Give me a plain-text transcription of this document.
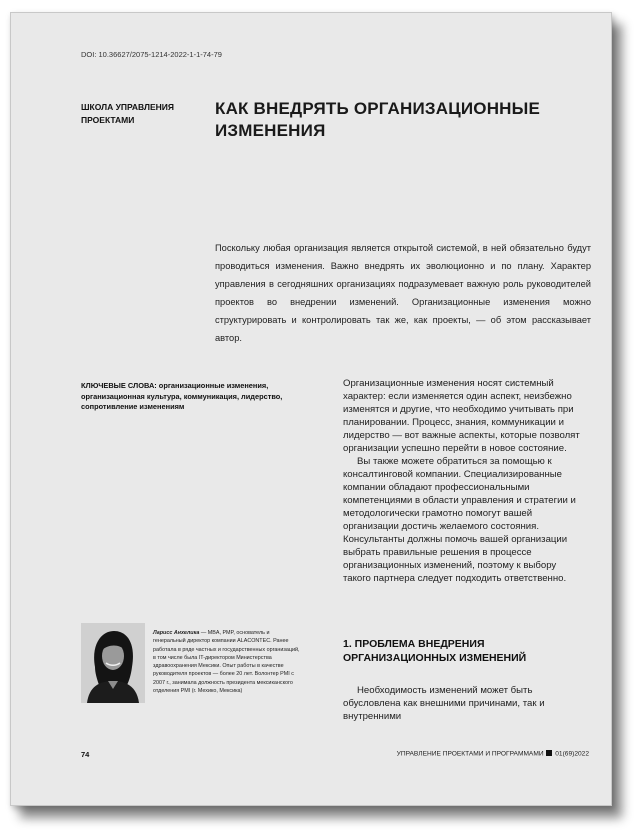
DOI: 10.36627/2075-1214-2022-1-1-74-79
ШКОЛА УПРАВЛЕНИЯ ПРОЕКТАМИ
КАК ВНЕДРЯТЬ ОРГАНИЗАЦИОННЫЕ ИЗМЕНЕНИЯ
Поскольку любая организация является открытой системой, в ней обязательно будут проводиться изменения. Важно внедрять их эволюционно и по плану. Характер управления в сегодняшних организациях подразумевает важную роль руководителей проектов во внедрении изменений. Организационные изменения можно структурировать и контролировать так же, как проекты, — об этом рассказывает автор.
КЛЮЧЕВЫЕ СЛОВА: организационные изменения, организационная культура, коммуникация, лидерство, сопротивление изменениям

Организационные изменения носят системный характер: если изменяется один аспект, неизбежно изменятся и другие, что необходимо учитывать при планировании. Процесс, знания, коммуникации и лидерство — вот важные аспекты, которые позволят организации успешно перейти в новое состояние.

Вы также можете обратиться за помощью к консалтинговой компании. Специализированные компании обладают профессиональными компетенциями в области управления и стратегии и методологически грамотно помогут вашей организации достичь желаемого состояния. Консультанты должны помочь вашей организации выбрать правильные решения в процессе организационных изменений, поэтому к выбору такого партнера следует подходить ответственно.

1. ПРОБЛЕМА ВНЕДРЕНИЯ ОРГАНИЗАЦИОННЫХ ИЗМЕНЕНИЙ
Необходимость изменений может быть обусловлена как внешними причинами, так и внутренними
Ларисс Анхелика — MBA, PMP, основатель и генеральный директор компании ALACONTEC. Ранее работала в ряде частных и государственных организаций, в том числе была IT-директором Министерства здравоохранения Мексики. Опыт работы в качестве руководителя проектов — более 20 лет. Волонтер PMI с 2007 г., занимала должность президента мексиканского отделения PMI (г. Мехико, Мексика)
74	УПРАВЛЕНИЕ ПРОЕКТАМИ И ПРОГРАММАМИ 01(69)2022
